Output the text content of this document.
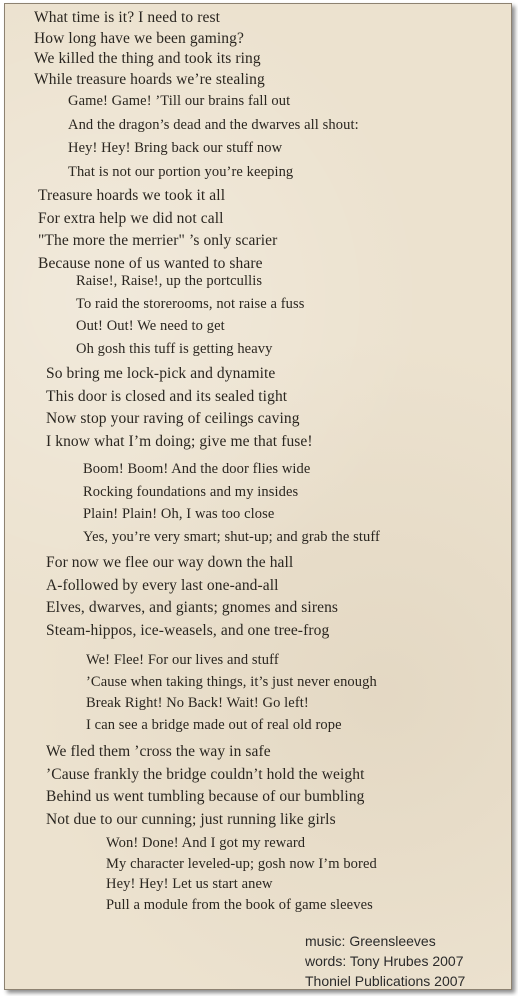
What time is it? I need to rest
How long have we been gaming?
We killed the thing and took its ring
While treasure hoards we’re stealing
Game! Game! ’Till our brains fall out
And the dragon’s dead and the dwarves all shout:
Hey! Hey! Bring back our stuff now
That is not our portion you’re keeping
Treasure hoards we took it all
For extra help we did not call
"The more the merrier" ’s only scarier
Because none of us wanted to share
Raise!, Raise!, up the portcullis
To raid the storerooms, not raise a fuss
Out! Out! We need to get
Oh gosh this tuff is getting heavy
So bring me lock-pick and dynamite
This door is closed and its sealed tight
Now stop your raving of ceilings caving
I know what I’m doing; give me that fuse!
Boom! Boom! And the door flies wide
Rocking foundations and my insides
Plain! Plain! Oh, I was too close
Yes, you’re very smart; shut-up; and grab the stuff
For now we flee our way down the hall
A-followed by every last one-and-all
Elves, dwarves, and giants; gnomes and sirens
Steam-hippos, ice-weasels, and one tree-frog
We! Flee! For our lives and stuff
’Cause when taking things, it’s just never enough
Break Right! No Back! Wait! Go left!
I can see a bridge made out of real old rope
We fled them ’cross the way in safe
’Cause frankly the bridge couldn’t hold the weight
Behind us went tumbling because of our bumbling
Not due to our cunning; just running like girls
Won! Done! And I got my reward
My character leveled-up; gosh now I’m bored
Hey! Hey! Let us start anew
Pull a module from the book of game sleeves
music: Greensleeves
words: Tony Hrubes 2007
Thoniel Publications 2007
